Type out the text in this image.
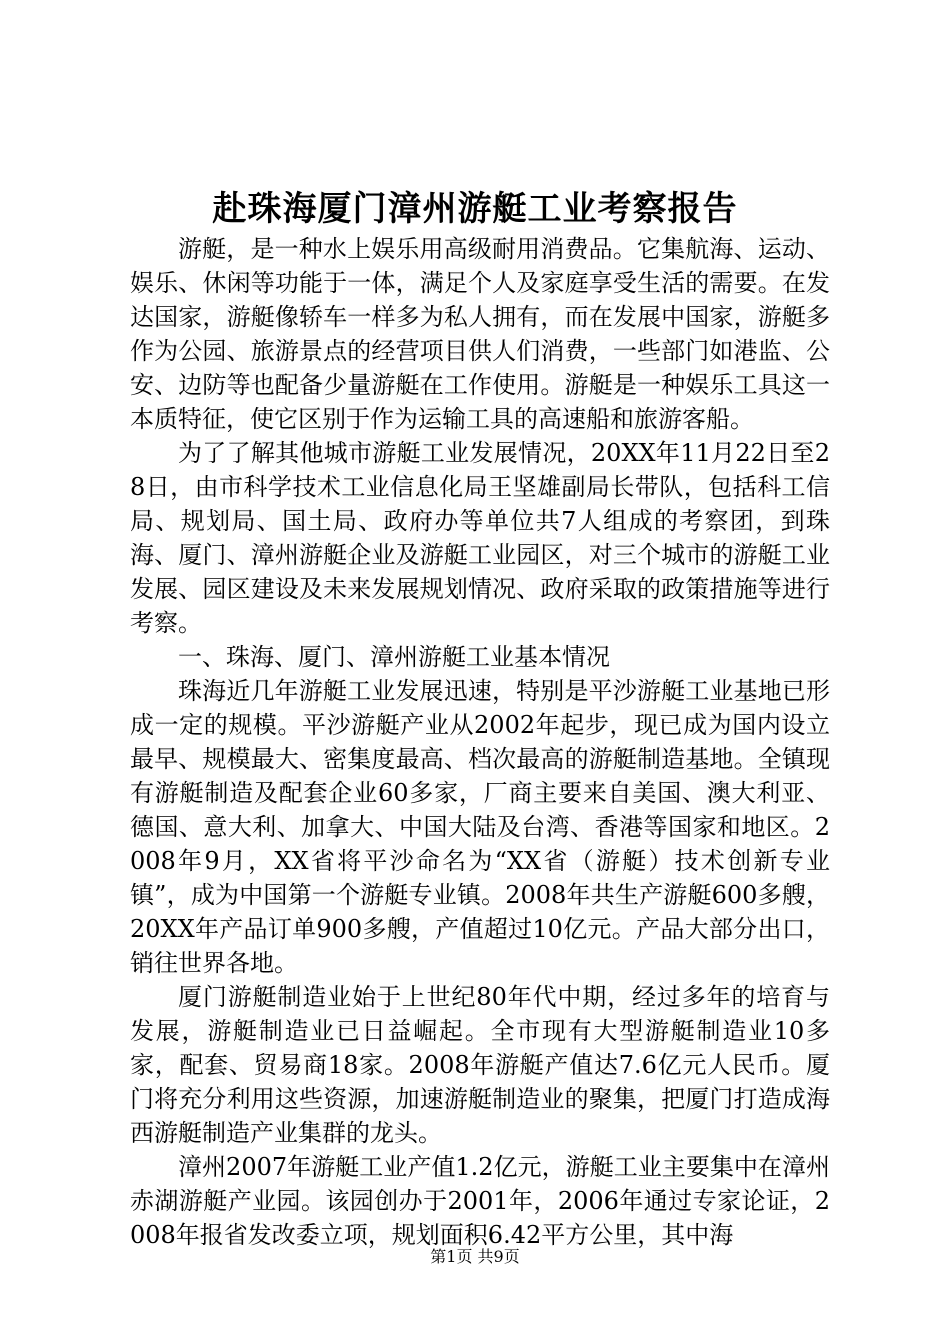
赴珠海厦门漳州游艇工业考察报告

游艇，是一种水上娱乐用高级耐用消费品。它集航海、运动、娱乐、休闲等功能于一体，满足个人及家庭享受生活的需要。在发达国家，游艇像轿车一样多为私人拥有，而在发展中国家，游艇多作为公园、旅游景点的经营项目供人们消费，一些部门如港监、公安、边防等也配备少量游艇在工作使用。游艇是一种娱乐工具这一本质特征，使它区别于作为运输工具的高速船和旅游客船。

为了了解其他城市游艇工业发展情况，20XX年11月22日至28日，由市科学技术工业信息化局王坚雄副局长带队，包括科工信局、规划局、国土局、政府办等单位共7人组成的考察团，到珠海、厦门、漳州游艇企业及游艇工业园区，对三个城市的游艇工业发展、园区建设及未来发展规划情况、政府采取的政策措施等进行考察。

一、珠海、厦门、漳州游艇工业基本情况

珠海近几年游艇工业发展迅速，特别是平沙游艇工业基地已形成一定的规模。平沙游艇产业从2002年起步，现已成为国内设立最早、规模最大、密集度最高、档次最高的游艇制造基地。全镇现有游艇制造及配套企业60多家，厂商主要来自美国、澳大利亚、德国、意大利、加拿大、中国大陆及台湾、香港等国家和地区。2008年9月，XX省将平沙命名为“XX省（游艇）技术创新专业镇”，成为中国第一个游艇专业镇。2008年共生产游艇600多艘，20XX年产品订单900多艘，产值超过10亿元。产品大部分出口，销往世界各地。

厦门游艇制造业始于上世纪80年代中期，经过多年的培育与发展，游艇制造业已日益崛起。全市现有大型游艇制造业10多家，配套、贸易商18家。2008年游艇产值达7.6亿元人民币。厦门将充分利用这些资源，加速游艇制造业的聚集，把厦门打造成海西游艇制造产业集群的龙头。

漳州2007年游艇工业产值1.2亿元，游艇工业主要集中在漳州赤湖游艇产业园。该园创办于2001年，2006年通过专家论证，2008年报省发改委立项，规划面积6.42平方公里，其中海

第1页 共9页
